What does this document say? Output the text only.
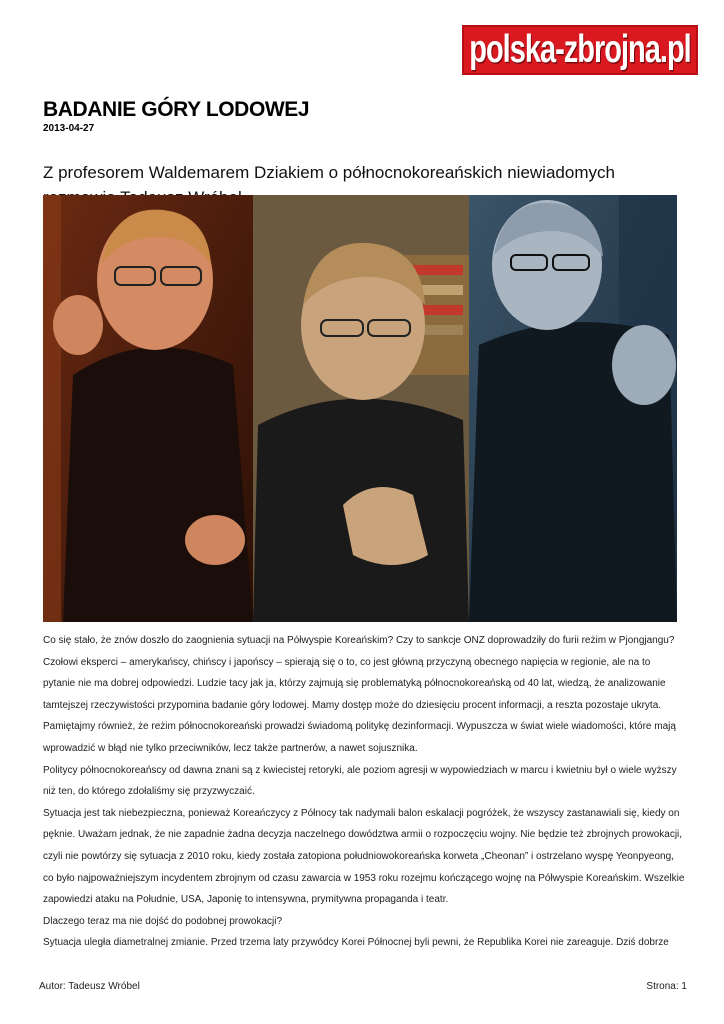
polska-zbrojna.pl
BADANIE GÓRY LODOWEJ
2013-04-27
Z profesorem Waldemarem Dziakiem o północnokoreańskich niewiadomych

Co się stało, że znów doszło do zaognienia sytuacji na Półwyspie Koreańskim? Czy to sankcje ONZ doprowadziły do furii reżim w Pjongjangu?

Czołowi eksperci – amerykańscy, chińscy i japońscy – spierają się o to, co jest główną przyczyną obecnego napięcia w regionie, ale na to pytanie nie ma dobrej odpowiedzi. Ludzie tacy jak ja, którzy zajmują się problematyką północnokoreańską od 40 lat, wiedzą, że analizowanie tamtejszej rzeczywistości przypomina badanie góry lodowej. Mamy dostęp może do dziesięciu procent informacji, a reszta pozostaje ukryta. Pamiętajmy również, że reżim północnokoreański prowadzi świadomą politykę dezinformacji. Wypuszcza w świat wiele wiadomości, które mają wprowadzić w błąd nie tylko przeciwników, lecz także partnerów, a nawet sojusznika.

Politycy północnokoreańscy od dawna znani są z kwiecistej retoryki, ale poziom agresji w wypowiedziach w marcu i kwietniu był o wiele wyższy niż ten, do którego zdołaliśmy się przyzwyczaić.

Sytuacja jest tak niebezpieczna, ponieważ Koreańczycy z Północy tak nadymali balon eskalacji pogróżek, że wszyscy zastanawiali się, kiedy on pęknie. Uważam jednak, że nie zapadnie żadna decyzja naczelnego dowództwa armii o rozpoczęciu wojny. Nie będzie też zbrojnych prowokacji, czyli nie powtórzy się sytuacja z 2010 roku, kiedy została zatopiona południowokoreańska korweta „Cheonan” i ostrzelano wyspę Yeonpyeong, co było najpoważniejszym incydentem zbrojnym od czasu zawarcia w 1953 roku rozejmu kończącego wojnę na Półwyspie Koreańskim. Wszelkie zapowiedzi ataku na Południe, USA, Japonię to intensywna, prymitywna propaganda i teatr.

Dlaczego teraz ma nie dojść do podobnej prowokacji?

Sytuacja uległa diametralnej zmianie. Przed trzema laty przywódcy Korei Północnej byli pewni, że Republika Korei nie zareaguje. Dziś dobrze

Autor: Tadeusz Wróbel	Strona: 1
